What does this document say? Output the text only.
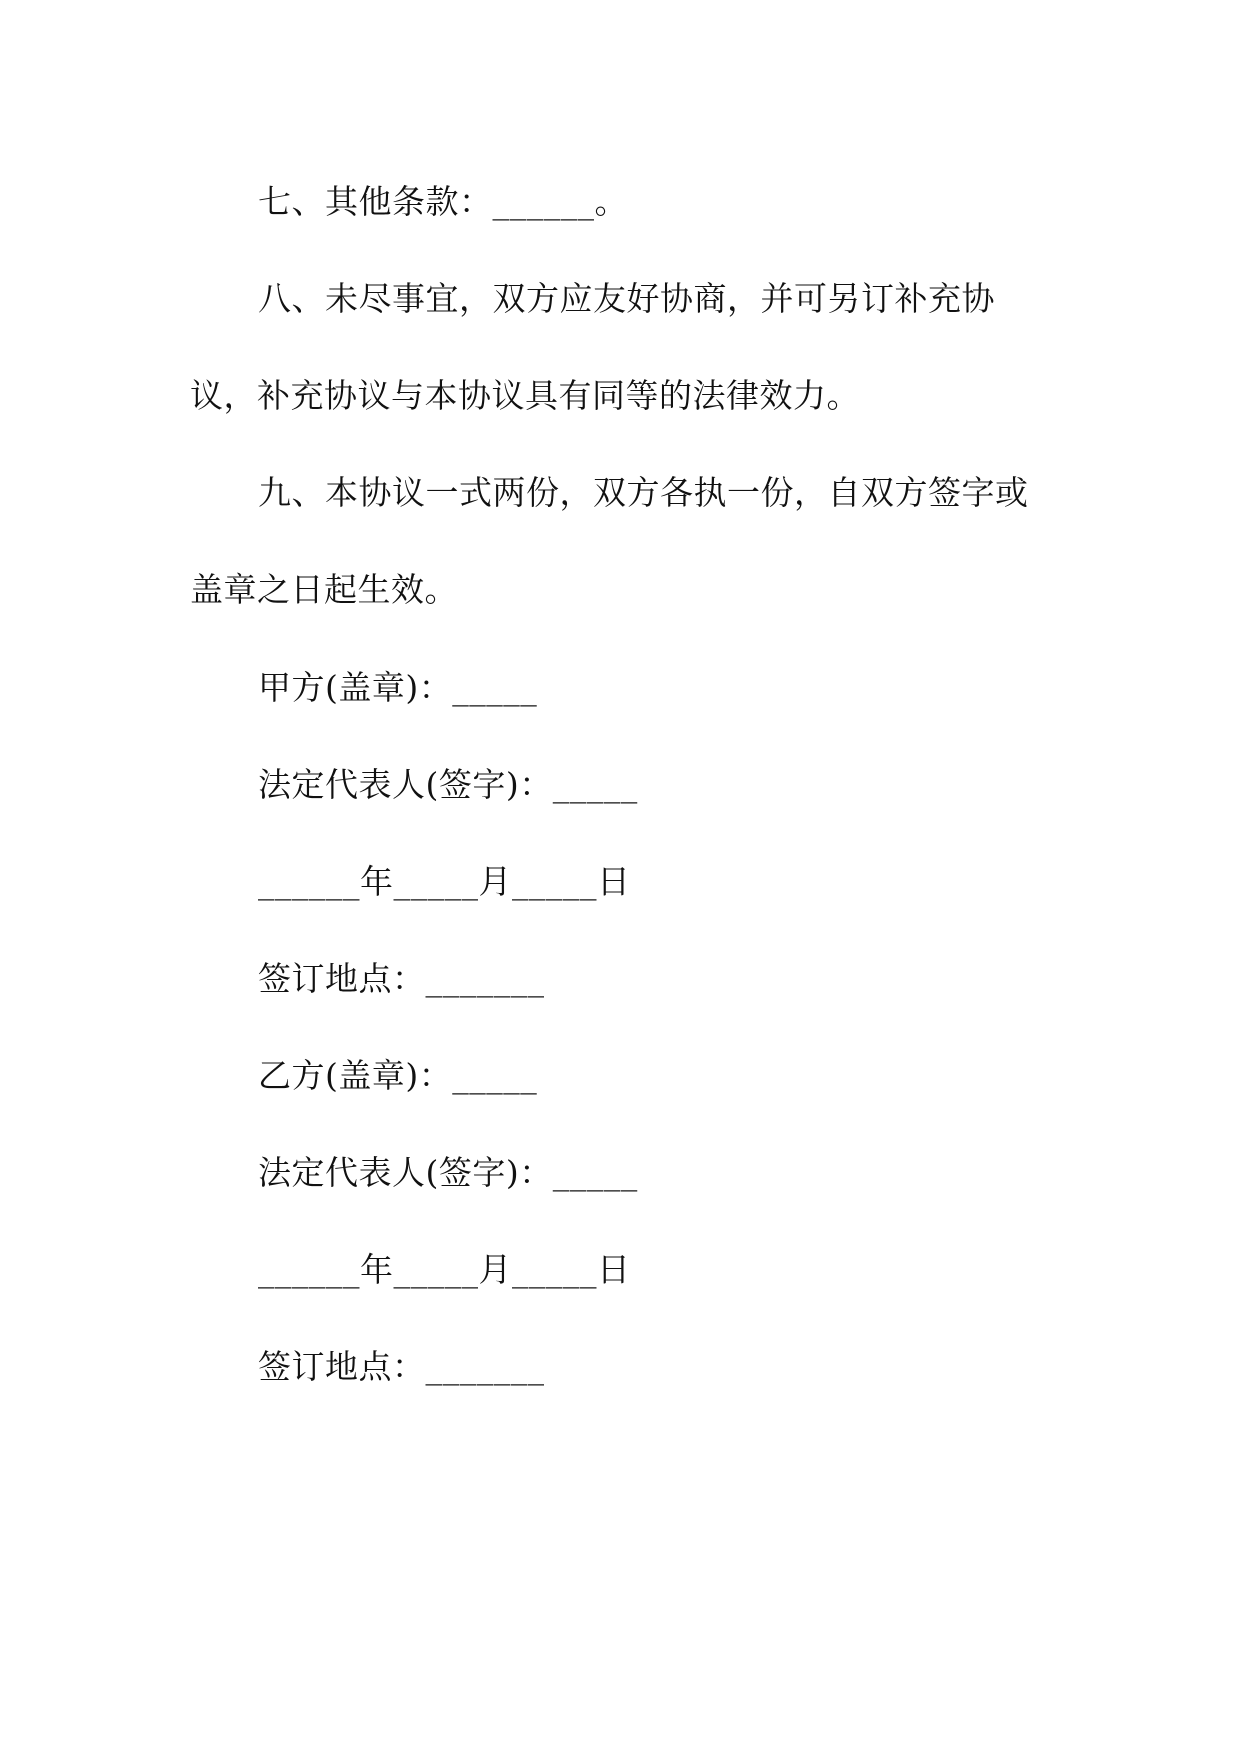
七、其他条款：______。
八、未尽事宜，双方应友好协商，并可另订补充协
议，补充协议与本协议具有同等的法律效力。
九、本协议一式两份，双方各执一份，自双方签字或
盖章之日起生效。
甲方(盖章)：_____
法定代表人(签字)：_____
______年_____月_____日
签订地点：_______
乙方(盖章)：_____
法定代表人(签字)：_____
______年_____月_____日
签订地点：_______
